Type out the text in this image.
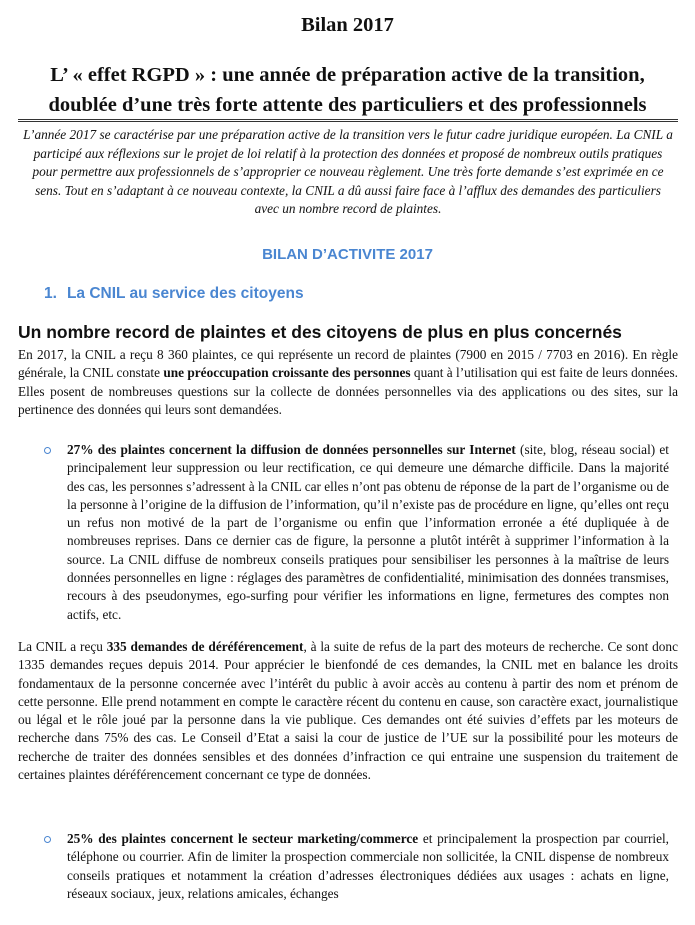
Bilan 2017
L’ « effet RGPD » : une année de préparation active de la transition,
doublée d’une très forte attente des particuliers et des professionnels
L’année 2017 se caractérise par une préparation active de la transition vers le futur cadre juridique européen. La CNIL a participé aux réflexions sur le projet de loi relatif à la protection des données et proposé de nombreux outils pratiques pour permettre aux professionnels de s’approprier ce nouveau règlement. Une très forte demande s’est exprimée en ce sens. Tout en s’adaptant à ce nouveau contexte, la CNIL a dû aussi faire face à l’afflux des demandes des particuliers avec un nombre record de plaintes.
BILAN D’ACTIVITE 2017
1. La CNIL au service des citoyens
Un nombre record de plaintes et des citoyens de plus en plus concernés
En 2017, la CNIL a reçu 8 360 plaintes, ce qui représente un record de plaintes (7900 en 2015 / 7703 en 2016). En règle générale, la CNIL constate une préoccupation croissante des personnes quant à l’utilisation qui est faite de leurs données. Elles posent de nombreuses questions sur la collecte de données personnelles via des applications ou des sites, sur la pertinence des données qui leurs sont demandées.
27% des plaintes concernent la diffusion de données personnelles sur Internet (site, blog, réseau social) et principalement leur suppression ou leur rectification, ce qui demeure une démarche difficile. Dans la majorité des cas, les personnes s’adressent à la CNIL car elles n’ont pas obtenu de réponse de la part de l’organisme ou de la personne à l’origine de la diffusion de l’information, qu’il n’existe pas de procédure en ligne, qu’elles ont reçu un refus non motivé de la part de l’organisme ou enfin que l’information erronée a été dupliquée à de nombreuses reprises. Dans ce dernier cas de figure, la personne a plutôt intérêt à supprimer l’information à la source. La CNIL diffuse de nombreux conseils pratiques pour sensibiliser les personnes à la maîtrise de leurs données personnelles en ligne : réglages des paramètres de confidentialité, minimisation des données transmises, recours à des pseudonymes, ego-surfing pour vérifier les informations en ligne, fermetures des comptes non actifs, etc.
La CNIL a reçu 335 demandes de déréférencement, à la suite de refus de la part des moteurs de recherche. Ce sont donc 1335 demandes reçues depuis 2014. Pour apprécier le bienfondé de ces demandes, la CNIL met en balance les droits fondamentaux de la personne concernée avec l’intérêt du public à avoir accès au contenu à partir des nom et prénom de cette personne. Elle prend notamment en compte le caractère récent du contenu en cause, son caractère exact, journalistique ou légal et le rôle joué par la personne dans la vie publique. Ces demandes ont été suivies d’effets par les moteurs de recherche dans 75% des cas. Le Conseil d’Etat a saisi la cour de justice de l’UE sur la possibilité pour les moteurs de recherche de traiter des données sensibles et des données d’infraction ce qui entraine une suspension du traitement de certaines plaintes déréférencement concernant ce type de données.
25% des plaintes concernent le secteur marketing/commerce et principalement la prospection par courriel, téléphone ou courrier. Afin de limiter la prospection commerciale non sollicitée, la CNIL dispense de nombreux conseils pratiques et notamment la création d’adresses électroniques dédiées aux usages : achats en ligne, réseaux sociaux, jeux, relations amicales, échanges
